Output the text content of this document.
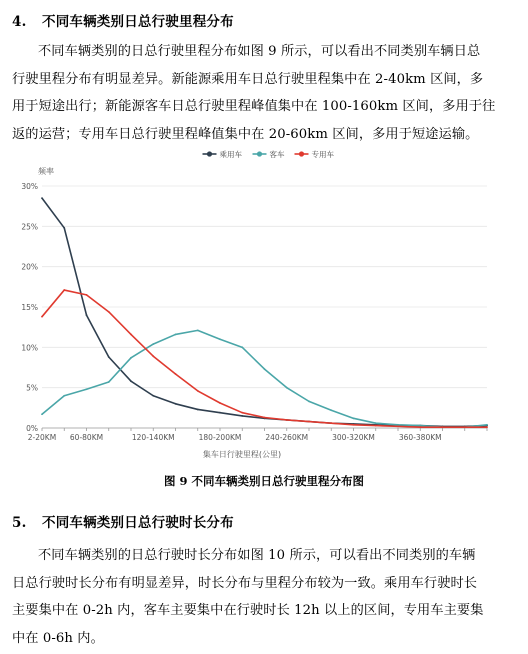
4. 不同车辆类别日总行驶里程分布
不同车辆类别的日总行驶里程分布如图 9 所示，可以看出不同类别车辆日总
行驶里程分布有明显差异。新能源乘用车日总行驶里程集中在 2-40km 区间，多
用于短途出行；新能源客车日总行驶里程峰值集中在 100-160km 区间，多用于往
返的运营；专用车日总行驶里程峰值集中在 20-60km 区间，多用于短途运输。
乘用车	客车	专用车
频率
0%
5%
10%
15%
20%
25%
30%
2-20KM 60-80KM	120-140KM	180-200KM	240-260KM	300-320KM	360-380KM
集车日行驶里程(公里)
图 9 不同车辆类别日总行驶里程分布图
5. 不同车辆类别日总行驶时长分布
不同车辆类别的日总行驶时长分布如图 10 所示，可以看出不同类别的车辆
日总行驶时长分布有明显差异，时长分布与里程分布较为一致。乘用车行驶时长
主要集中在 0-2h 内，客车主要集中在行驶时长 12h 以上的区间，专用车主要集
中在 0-6h 内。
